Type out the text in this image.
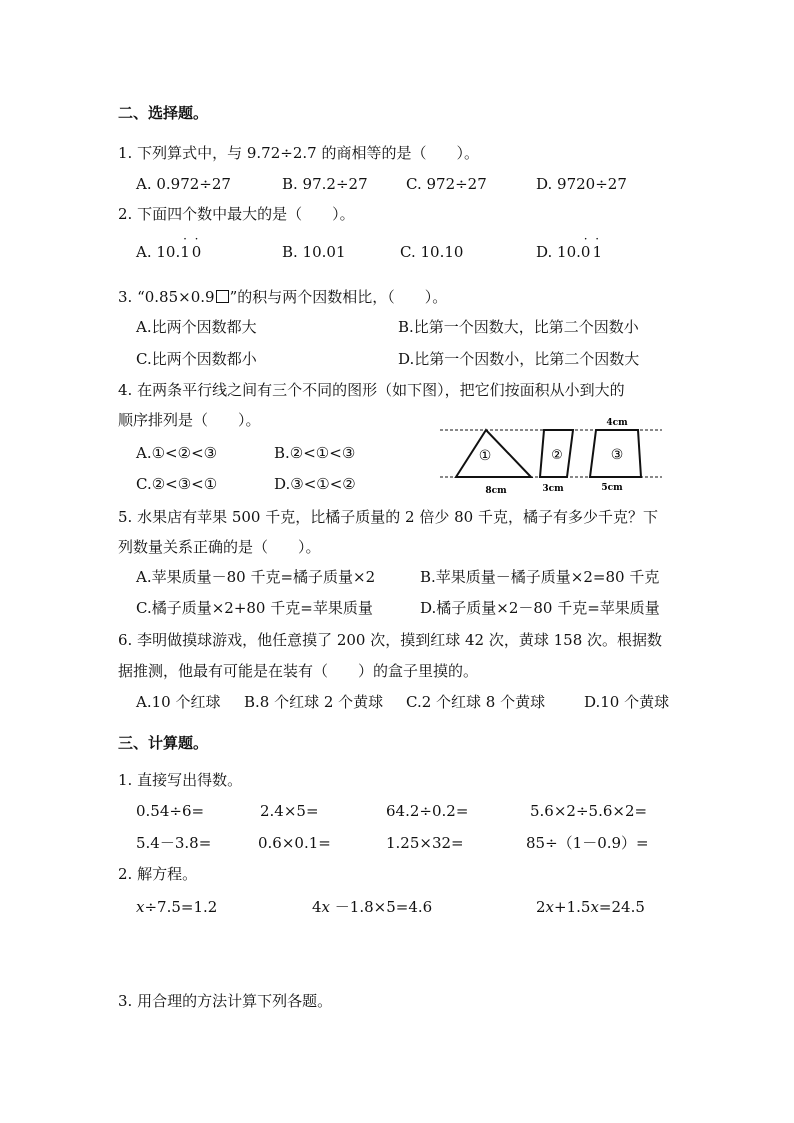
二、选择题。
1. 下列算式中，与 9.72÷2.7 的商相等的是（　　）。
A. 0.972÷27	B. 97.2÷27	C. 972÷27	D. 9720÷27
2. 下面四个数中最大的是（　　）。
A. 10.
·
1
·
0	B. 10.01	C. 10.10	D. 10.
·
0
·
1
3. “0.85×0.9 ”的积与两个因数相比，（　　）。
A.比两个因数都大	B.比第一个因数大，比第二个因数小
C.比两个因数都小	D.比第一个因数小，比第二个因数大
4. 在两条平行线之间有三个不同的图形（如下图），把它们按面积从小到大的
顺序排列是（　　）。
A.①<②<③	B.②<①<③
C.②<③<①	D.③<①<②
①	②	③
8cm	3cm	5cm
4cm
5. 水果店有苹果 500 千克，比橘子质量的 2 倍少 80 千克，橘子有多少千克？下
列数量关系正确的是（　　）。
A.苹果质量－80 千克=橘子质量×2	B.苹果质量－橘子质量×2=80 千克
C.橘子质量×2+80 千克=苹果质量	D.橘子质量×2－80 千克=苹果质量
6. 李明做摸球游戏，他任意摸了 200 次，摸到红球 42 次，黄球 158 次。根据数
据推测，他最有可能是在装有（　　）的盒子里摸的。
A.10 个红球 B.8 个红球 2 个黄球 C.2 个红球 8 个黄球	D.10 个黄球
三、计算题。
1. 直接写出得数。
0.54÷6=	2.4×5=	64.2÷0.2=	5.6×2÷5.6×2=
5.4－3.8=	0.6×0.1=	1.25×32=	85÷（1－0.9）=
2. 解方程。
x÷7.5=1.2	4x －1.8×5=4.6	2x+1.5x=24.5
3. 用合理的方法计算下列各题。
